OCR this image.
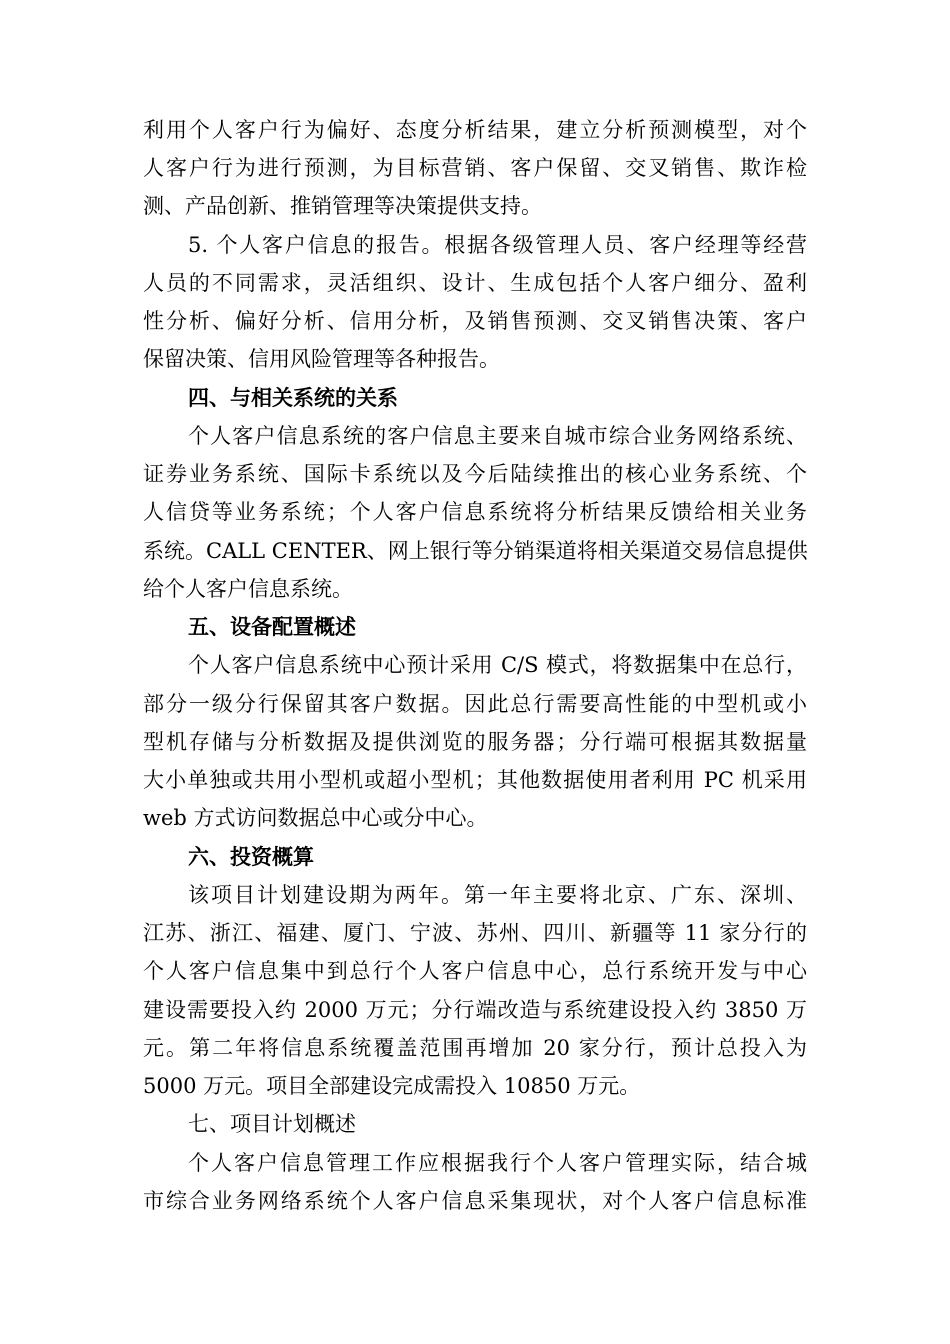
利用个人客户行为偏好、态度分析结果，建立分析预测模型，对个
人客户行为进行预测，为目标营销、客户保留、交叉销售、欺诈检
测、产品创新、推销管理等决策提供支持。
5. 个人客户信息的报告。根据各级管理人员、客户经理等经营
人员的不同需求，灵活组织、设计、生成包括个人客户细分、盈利
性分析、偏好分析、信用分析，及销售预测、交叉销售决策、客户
保留决策、信用风险管理等各种报告。
四、与相关系统的关系
个人客户信息系统的客户信息主要来自城市综合业务网络系统、
证券业务系统、国际卡系统以及今后陆续推出的核心业务系统、个
人信贷等业务系统；个人客户信息系统将分析结果反馈给相关业务
系统。CALL CENTER、网上银行等分销渠道将相关渠道交易信息提供
给个人客户信息系统。
五、设备配置概述
个人客户信息系统中心预计采用 C/S 模式，将数据集中在总行，
部分一级分行保留其客户数据。因此总行需要高性能的中型机或小
型机存储与分析数据及提供浏览的服务器；分行端可根据其数据量
大小单独或共用小型机或超小型机；其他数据使用者利用 PC 机采用
web 方式访问数据总中心或分中心。
六、投资概算
该项目计划建设期为两年。第一年主要将北京、广东、深圳、
江苏、浙江、福建、厦门、宁波、苏州、四川、新疆等 11 家分行的
个人客户信息集中到总行个人客户信息中心，总行系统开发与中心
建设需要投入约 2000 万元；分行端改造与系统建设投入约 3850 万
元。第二年将信息系统覆盖范围再增加 20 家分行，预计总投入为
5000 万元。项目全部建设完成需投入 10850 万元。
七、项目计划概述
个人客户信息管理工作应根据我行个人客户管理实际，结合城
市综合业务网络系统个人客户信息采集现状，对个人客户信息标准
